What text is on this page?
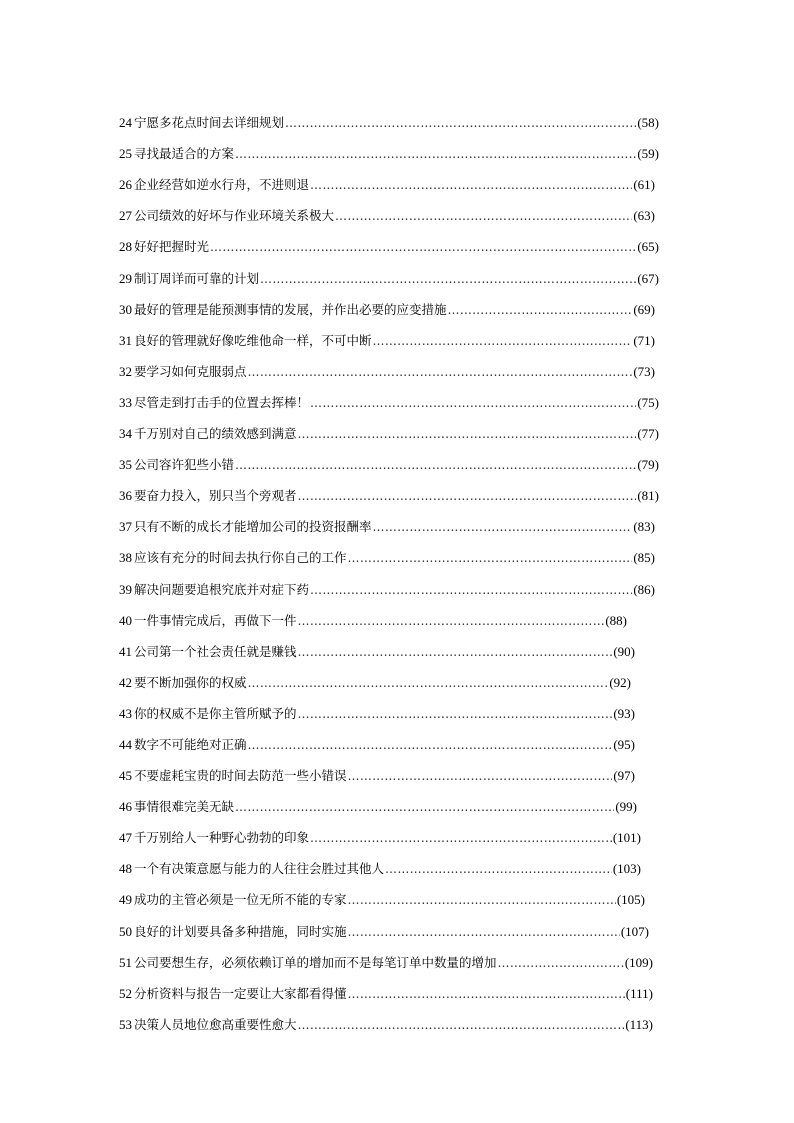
24 宁愿多花点时间去详细规划 ……………………………………………………………………………………………………………………………………………………………………………………………………………………………………	(58)
25 寻找最适合的方案 ……………………………………………………………………………………………………………………………………………………………………………………………………………………………………	(59)
26 企业经营如逆水行舟，不进则退 ……………………………………………………………………………………………………………………………………………………………………………………………………………………………………	(61)
27 公司绩效的好坏与作业环境关系极大 ……………………………………………………………………………………………………………………………………………………………………………………………………………………………………	(63)
28 好好把握时光 ……………………………………………………………………………………………………………………………………………………………………………………………………………………………………	(65)
29 制订周详而可靠的计划 ……………………………………………………………………………………………………………………………………………………………………………………………………………………………………	(67)
30 最好的管理是能预测事情的发展，并作出必要的应变措施 ……………………………………………………………………………………………………………………………………………………………………………………………………………………………………	(69)
31 良好的管理就好像吃维他命一样，不可中断 ……………………………………………………………………………………………………………………………………………………………………………………………………………………………………	(71)
32 要学习如何克服弱点 ……………………………………………………………………………………………………………………………………………………………………………………………………………………………………	(73)
33 尽管走到打击手的位置去挥棒！ ……………………………………………………………………………………………………………………………………………………………………………………………………………………………………	(75)
34 千万别对自己的绩效感到满意 ……………………………………………………………………………………………………………………………………………………………………………………………………………………………………	(77)
35 公司容许犯些小错 ……………………………………………………………………………………………………………………………………………………………………………………………………………………………………	(79)
36 要奋力投入，别只当个旁观者 ……………………………………………………………………………………………………………………………………………………………………………………………………………………………………	(81)
37 只有不断的成长才能增加公司的投资报酬率 ……………………………………………………………………………………………………………………………………………………………………………………………………………………………………	(83)
38 应该有充分的时间去执行你自己的工作 ……………………………………………………………………………………………………………………………………………………………………………………………………………………………………	(85)
39 解决问题要追根究底并对症下药 ……………………………………………………………………………………………………………………………………………………………………………………………………………………………………	(86)
40 一件事情完成后，再做下一件 ……………………………………………………………………………………………………………………………………………………………………………………………………………………………………	(88)
41 公司第一个社会责任就是赚钱 ……………………………………………………………………………………………………………………………………………………………………………………………………………………………………	(90)
42 要不断加强你的权威 ……………………………………………………………………………………………………………………………………………………………………………………………………………………………………	(92)
43 你的权威不是你主管所赋予的 ……………………………………………………………………………………………………………………………………………………………………………………………………………………………………	(93)
44 数字不可能绝对正确 ……………………………………………………………………………………………………………………………………………………………………………………………………………………………………	(95)
45 不要虚耗宝贵的时间去防范一些小错误 ……………………………………………………………………………………………………………………………………………………………………………………………………………………………………	(97)
46 事情很难完美无缺 ……………………………………………………………………………………………………………………………………………………………………………………………………………………………………	(99)
47 千万别给人一种野心勃勃的印象 ……………………………………………………………………………………………………………………………………………………………………………………………………………………………………	(101)
48 一个有决策意愿与能力的人往往会胜过其他人 ……………………………………………………………………………………………………………………………………………………………………………………………………………………………………	(103)
49 成功的主管必须是一位无所不能的专家 ……………………………………………………………………………………………………………………………………………………………………………………………………………………………………	(105)
50 良好的计划要具备多种措施，同时实施 ……………………………………………………………………………………………………………………………………………………………………………………………………………………………………	(107)
51 公司要想生存，必须依赖订单的增加而不是每笔订单中数量的增加 ……………………………………………………………………………………………………………………………………………………………………………………………………………………………………	(109)
52 分析资料与报告一定要让大家都看得懂 ……………………………………………………………………………………………………………………………………………………………………………………………………………………………………	(111)
53 决策人员地位愈高重要性愈大 ……………………………………………………………………………………………………………………………………………………………………………………………………………………………………	(113)
